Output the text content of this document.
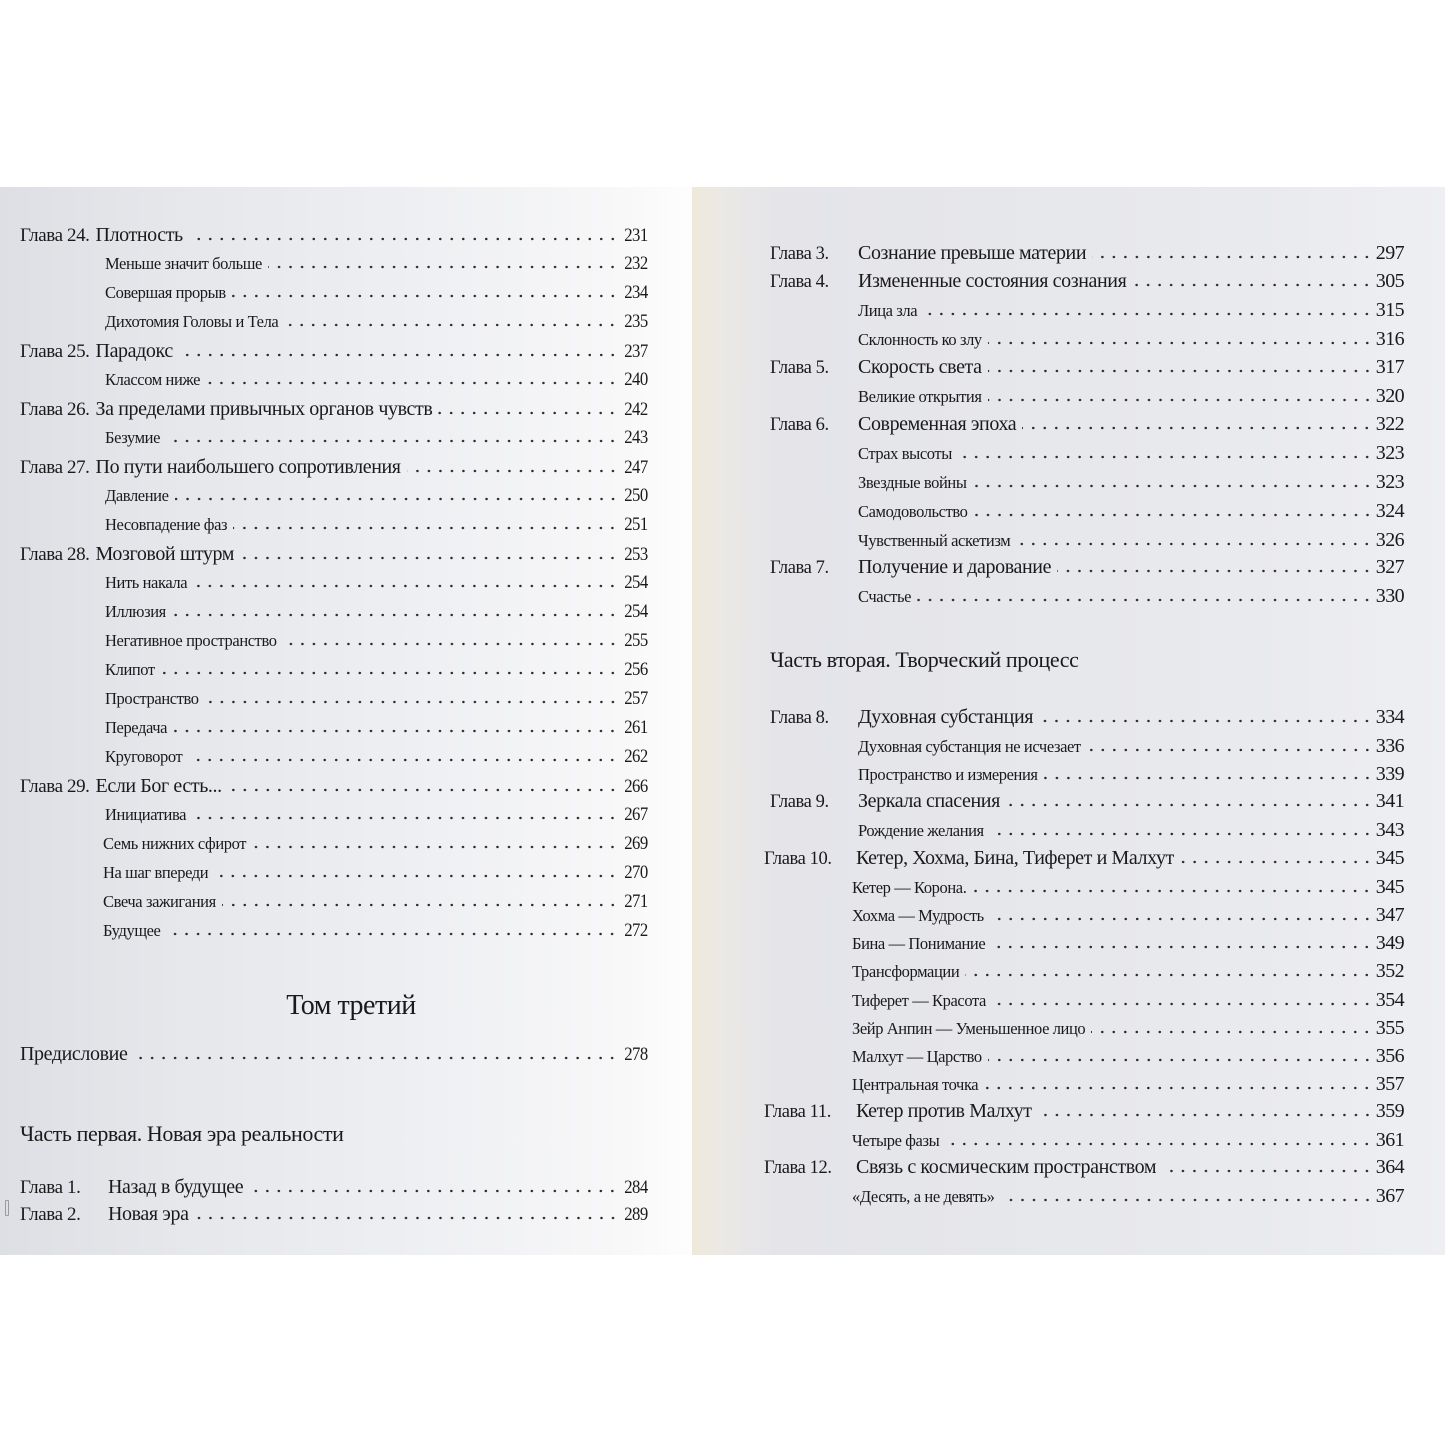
Глава 24. Плотность	231
Меньше значит больше	232
Совершая прорыв	234
Дихотомия Головы и Тела	235
Глава 25. Парадокс	237
Классом ниже	240
Глава 26. За пределами привычных органов чувств	242
Безумие	243
Глава 27. По пути наибольшего сопротивления	247
Давление	250
Несовпадение фаз	251
Глава 28. Мозговой штурм	253
Нить накала	254
Иллюзия	254
Негативное пространство	255
Клипот	256
Пространство	257
Передача	261
Круговорот	262
Глава 29. Если Бог есть...	266
Инициатива	267
Семь нижних сфирот	269
На шаг впереди	270
Свеча зажигания	271
Будущее	272
Том третий
Предисловие	278
Часть первая. Новая эра реальности
Глава 1.	Назад в будущее	284
Глава 2.	Новая эра	289
Глава 3.	Сознание превыше материи	297
Глава 4.	Измененные состояния сознания	305
Лица зла	315
Склонность ко злу	316
Глава 5.	Скорость света	317
Великие открытия	320
Глава 6.	Современная эпоха	322
Страх высоты	323
Звездные войны	323
Самодовольство	324
Чувственный аскетизм	326
Глава 7.	Получение и дарование	327
Счастье	330
Часть вторая. Творческий процесс
Глава 8.	Духовная субстанция	334
Духовная субстанция не исчезает	336
Пространство и измерения	339
Глава 9.	Зеркала спасения	341
Рождение желания	343
Глава 10.	Кетер, Хохма, Бина, Тиферет и Малхут	345
Кетер — Корона.	345
Хохма — Мудрость	347
Бина — Понимание	349
Трансформации	352
Тиферет — Красота	354
Зейр Анпин — Уменьшенное лицо	355
Малхут — Царство	356
Центральная точка	357
Глава 11.	Кетер против Малхут	359
Четыре фазы	361
Глава 12.	Связь с космическим пространством	364
«Десять, а не девять»	367
